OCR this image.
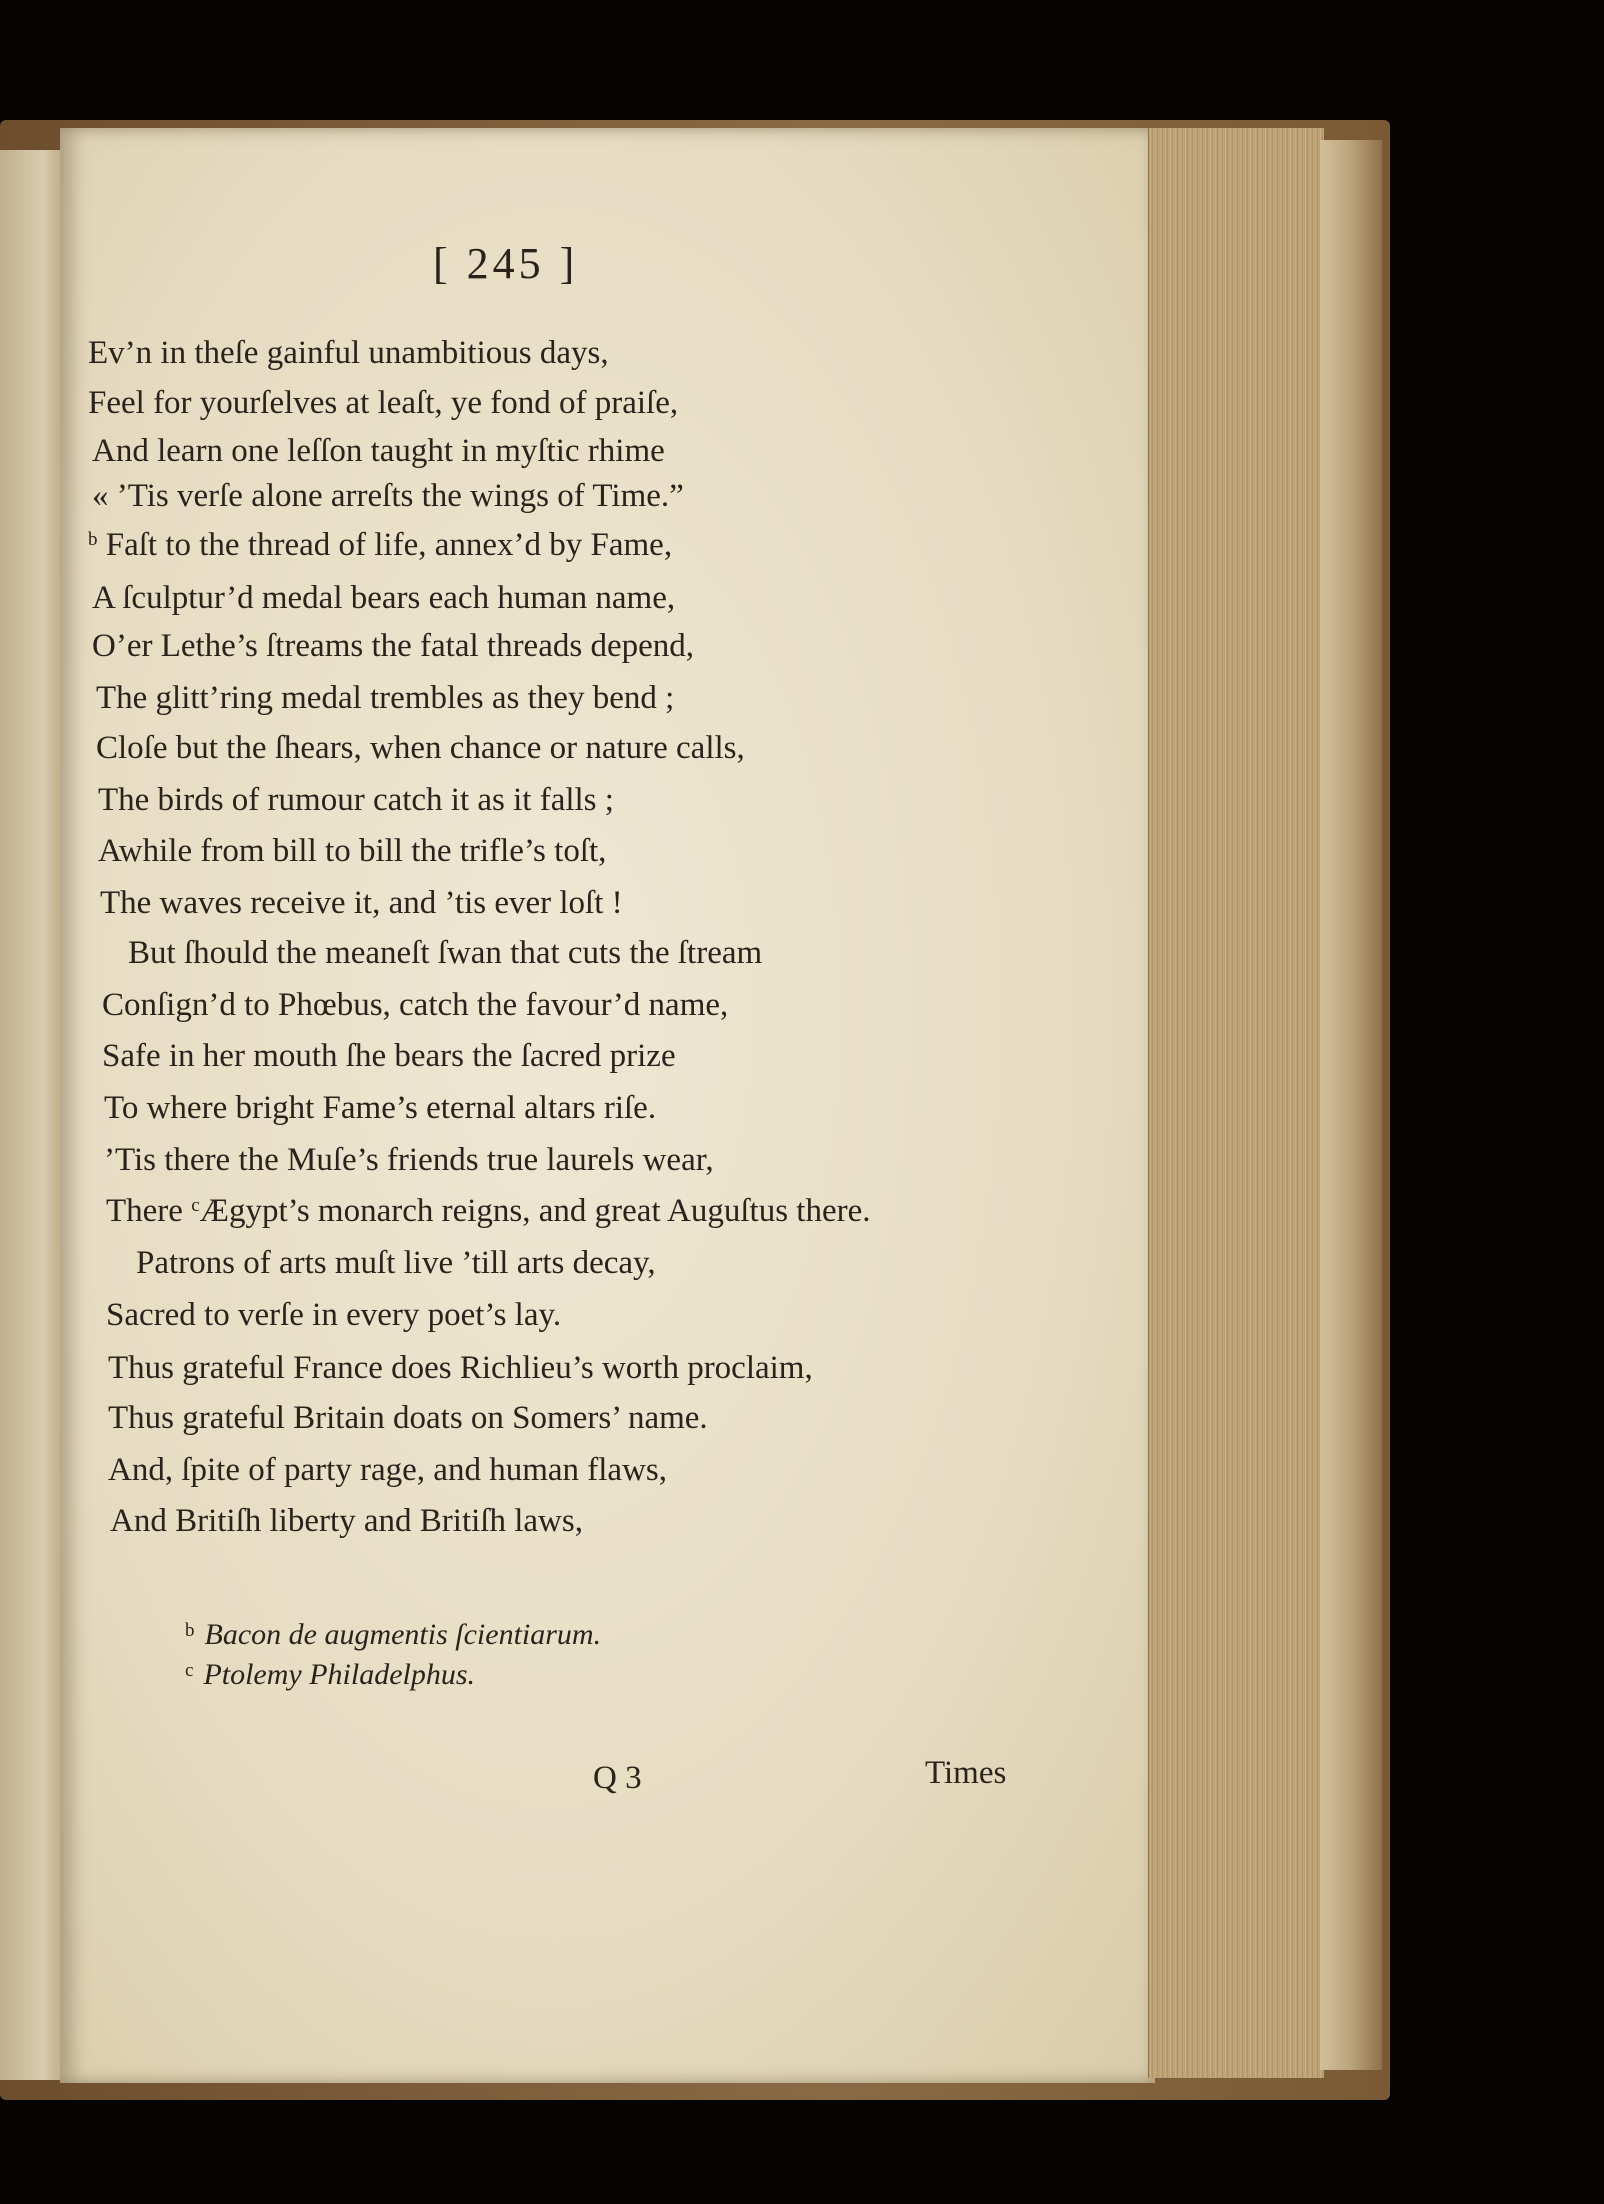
[ 245 ]
Ev’n in theſe gainful unambitious days,
Feel for yourſelves at leaſt, ye fond of praiſe,
And learn one leſſon taught in myſtic rhime
« ’Tis verſe alone arreſts the wings of Time.”
$^b$ Faſt to the thread of life, annex’d by Fame,
A ſculptur’d medal bears each human name,
O’er Lethe’s ſtreams the fatal threads depend,
The glitt’ring medal trembles as they bend ;
Cloſe but the ſhears, when chance or nature calls,
The birds of rumour catch it as it falls ;
Awhile from bill to bill the trifle’s toſt,
The waves receive it, and ’tis ever loſt !
But ſhould the meaneſt ſwan that cuts the ſtream
Conſign’d to Phœbus, catch the favour’d name,
Safe in her mouth ſhe bears the ſacred prize
To where bright Fame’s eternal altars riſe.
’Tis there the Muſe’s friends true laurels wear,
There $^c$Ægypt’s monarch reigns, and great Auguſtus there.
Patrons of arts muſt live ’till arts decay,
Sacred to verſe in every poet’s lay.
Thus grateful France does Richlieu’s worth proclaim,
Thus grateful Britain doats on Somers’ name.
And, ſpite of party rage, and human flaws,
And Britiſh liberty and Britiſh laws,
$^b$ Bacon de augmentis ſcientiarum.
$^c$ Ptolemy Philadelphus.
Q 3	Times
